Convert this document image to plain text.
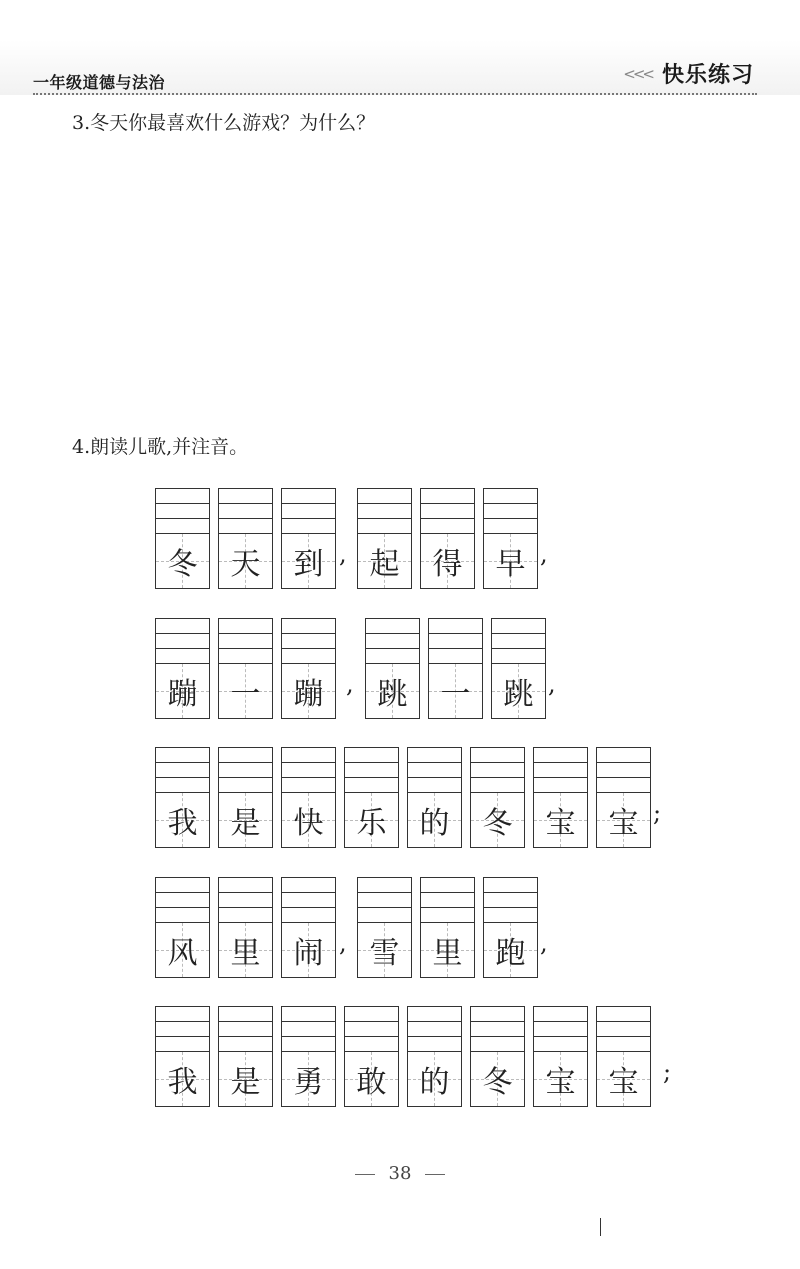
一年级道德与法治	<<< 快乐练习
3.冬天你最喜欢什么游戏？为什么？
4.朗读儿歌,并注音。
冬	天	到	起	得	早
,	,
蹦	一	蹦	跳	一	跳
,	,
我	是	快	乐	的	冬	宝	宝 ;
风	里	闹	雪	里	跑
,	,
我	是	勇	敢	的	冬	宝	宝	;
38
